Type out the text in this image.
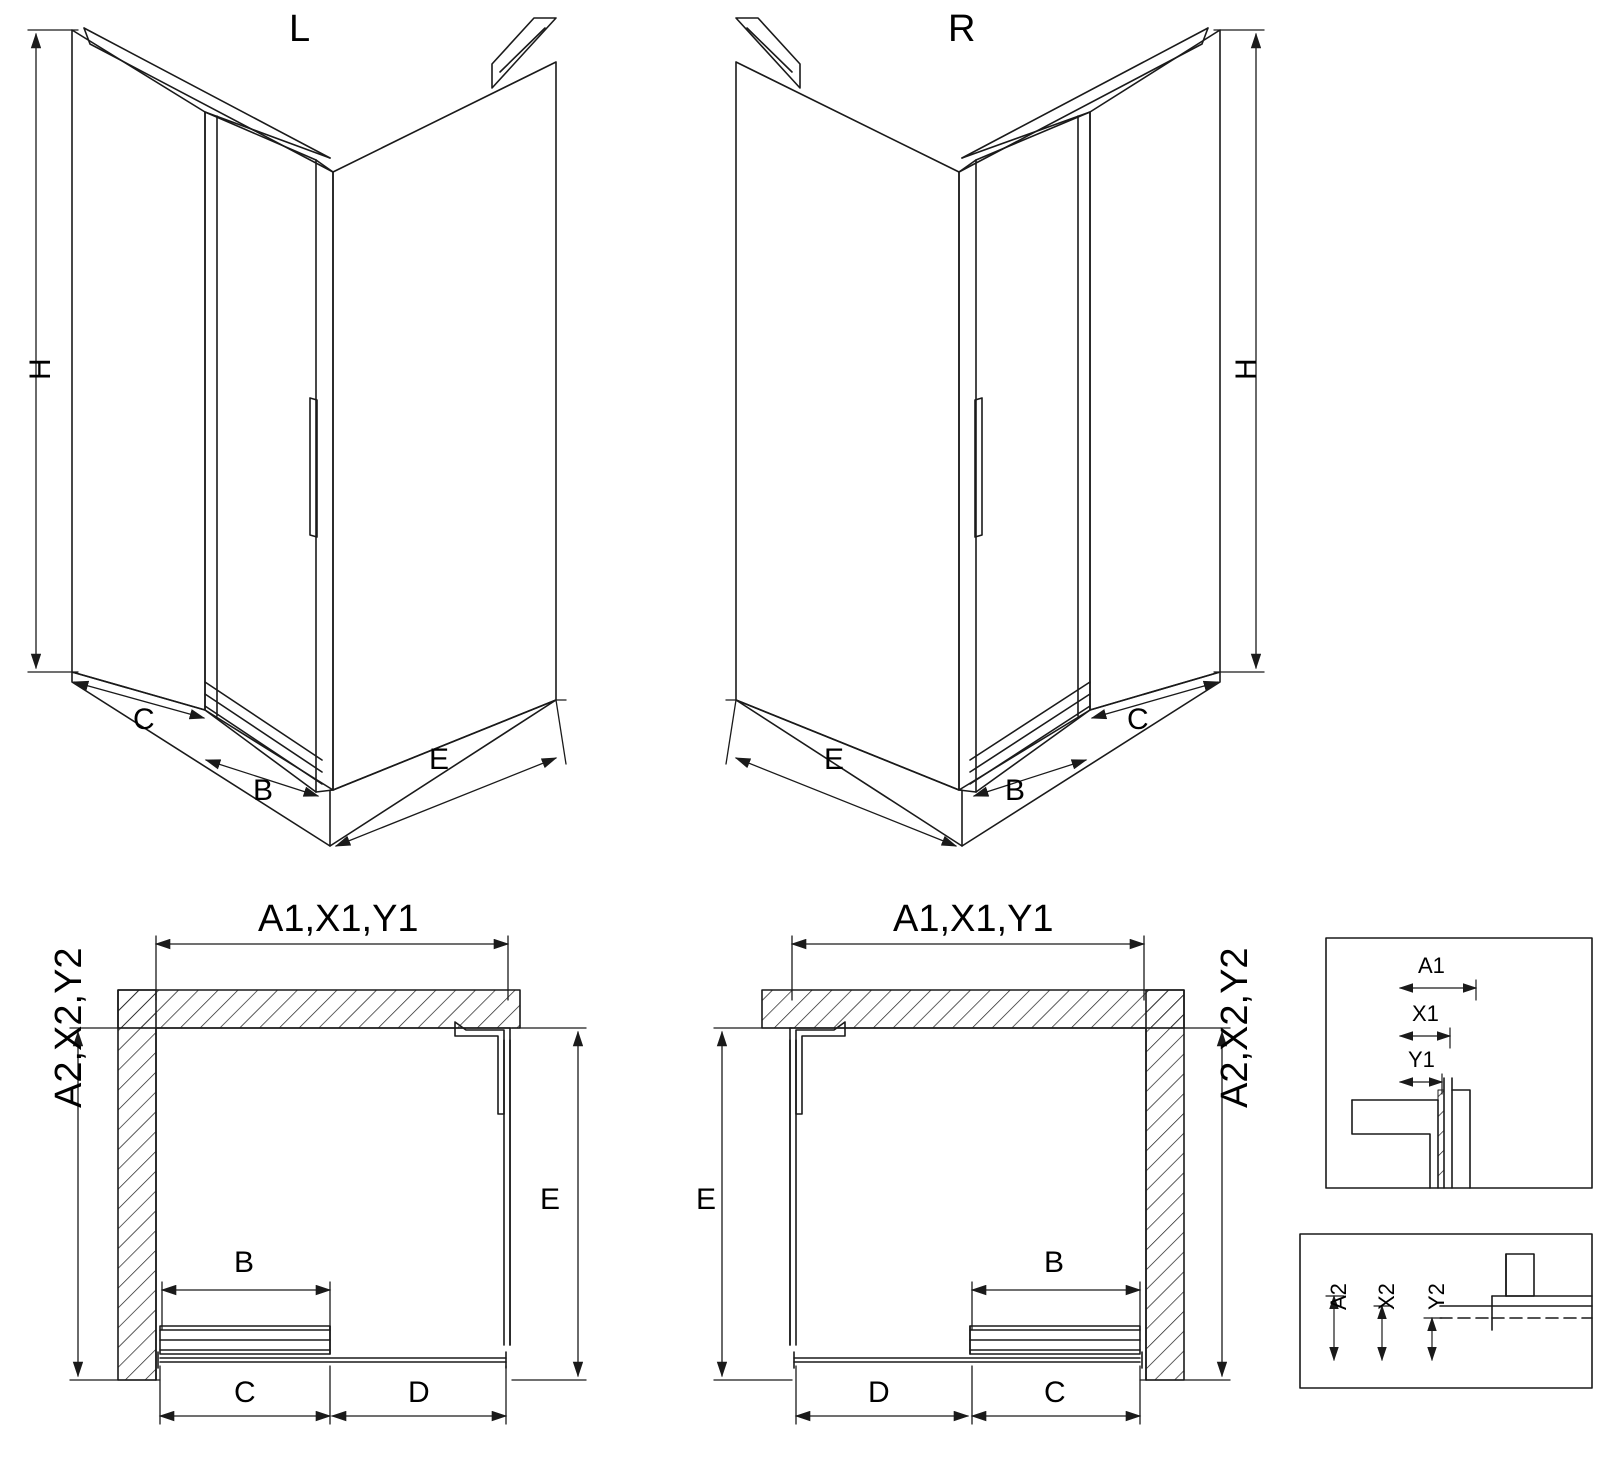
L
H
C
B
E
R
H
C
B
E
A1,X1,Y1
A2,X2,Y2
E
B
C	D
A1,X1,Y1
A2,X2,Y2
E
B
C
D
A1
X1
Y1
A2 X2 Y2
